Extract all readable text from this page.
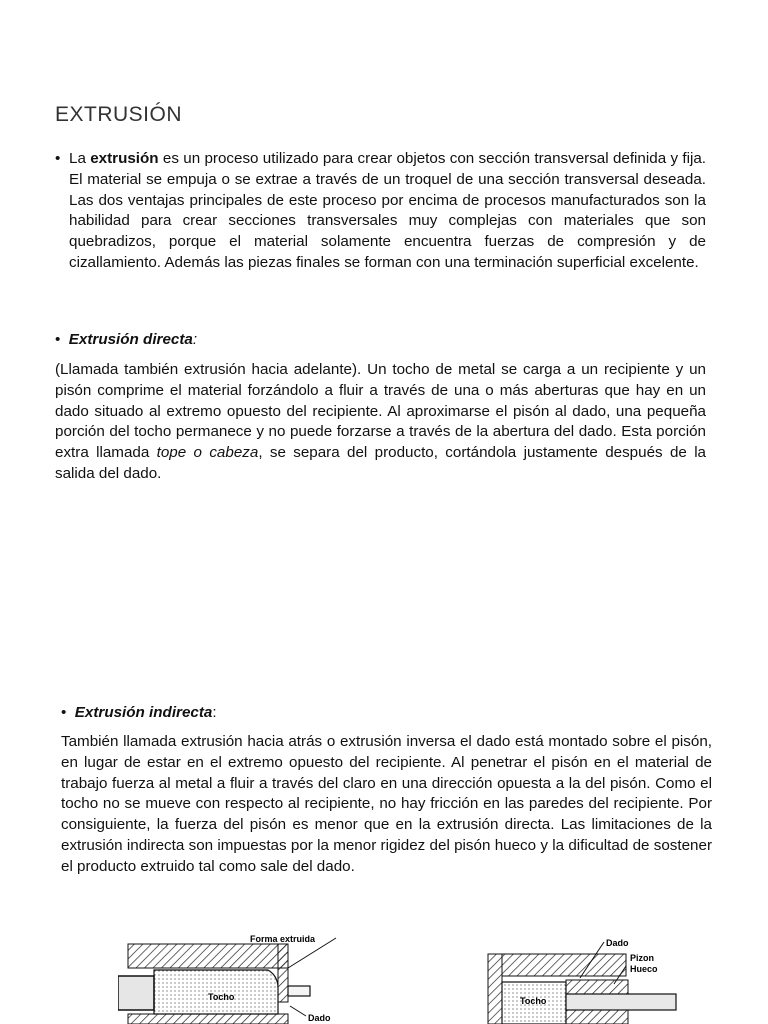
EXTRUSIÓN
• La extrusión es un proceso utilizado para crear objetos con sección transversal definida y fija. El material se empuja o se extrae a través de un troquel de una sección transversal deseada. Las dos ventajas principales de este proceso por encima de procesos manufacturados son la habilidad para crear secciones transversales muy complejas con materiales que son quebradizos, porque el material solamente encuentra fuerzas de compresión y de cizallamiento. Además las piezas finales se forman con una terminación superficial excelente.

• Extrusión directa:

(Llamada también extrusión hacia adelante). Un tocho de metal se carga a un recipiente y un pisón comprime el material forzándolo a fluir a través de una o más aberturas que hay en un dado situado al extremo opuesto del recipiente. Al aproximarse el pisón al dado, una pequeña porción del tocho permanece y no puede forzarse a través de la abertura del dado. Esta porción extra llamada tope o cabeza, se separa del producto, cortándola justamente después de la salida del dado.

• Extrusión indirecta:

También llamada extrusión hacia atrás o extrusión inversa el dado está montado sobre el pisón, en lugar de estar en el extremo opuesto del recipiente. Al penetrar el pisón en el material de trabajo fuerza al metal a fluir a través del claro en una dirección opuesta a la del pisón. Como el tocho no se mueve con respecto al recipiente, no hay fricción en las paredes del recipiente. Por consiguiente, la fuerza del pisón es menor que en la extrusión directa. Las limitaciones de la extrusión indirecta son impuestas por la menor rigidez del pisón hueco y la dificultad de sostener el producto extruido tal como sale del dado.

Forma extruida
Tocho
Dado
Dado
Pizon
Hueco
Tocho
